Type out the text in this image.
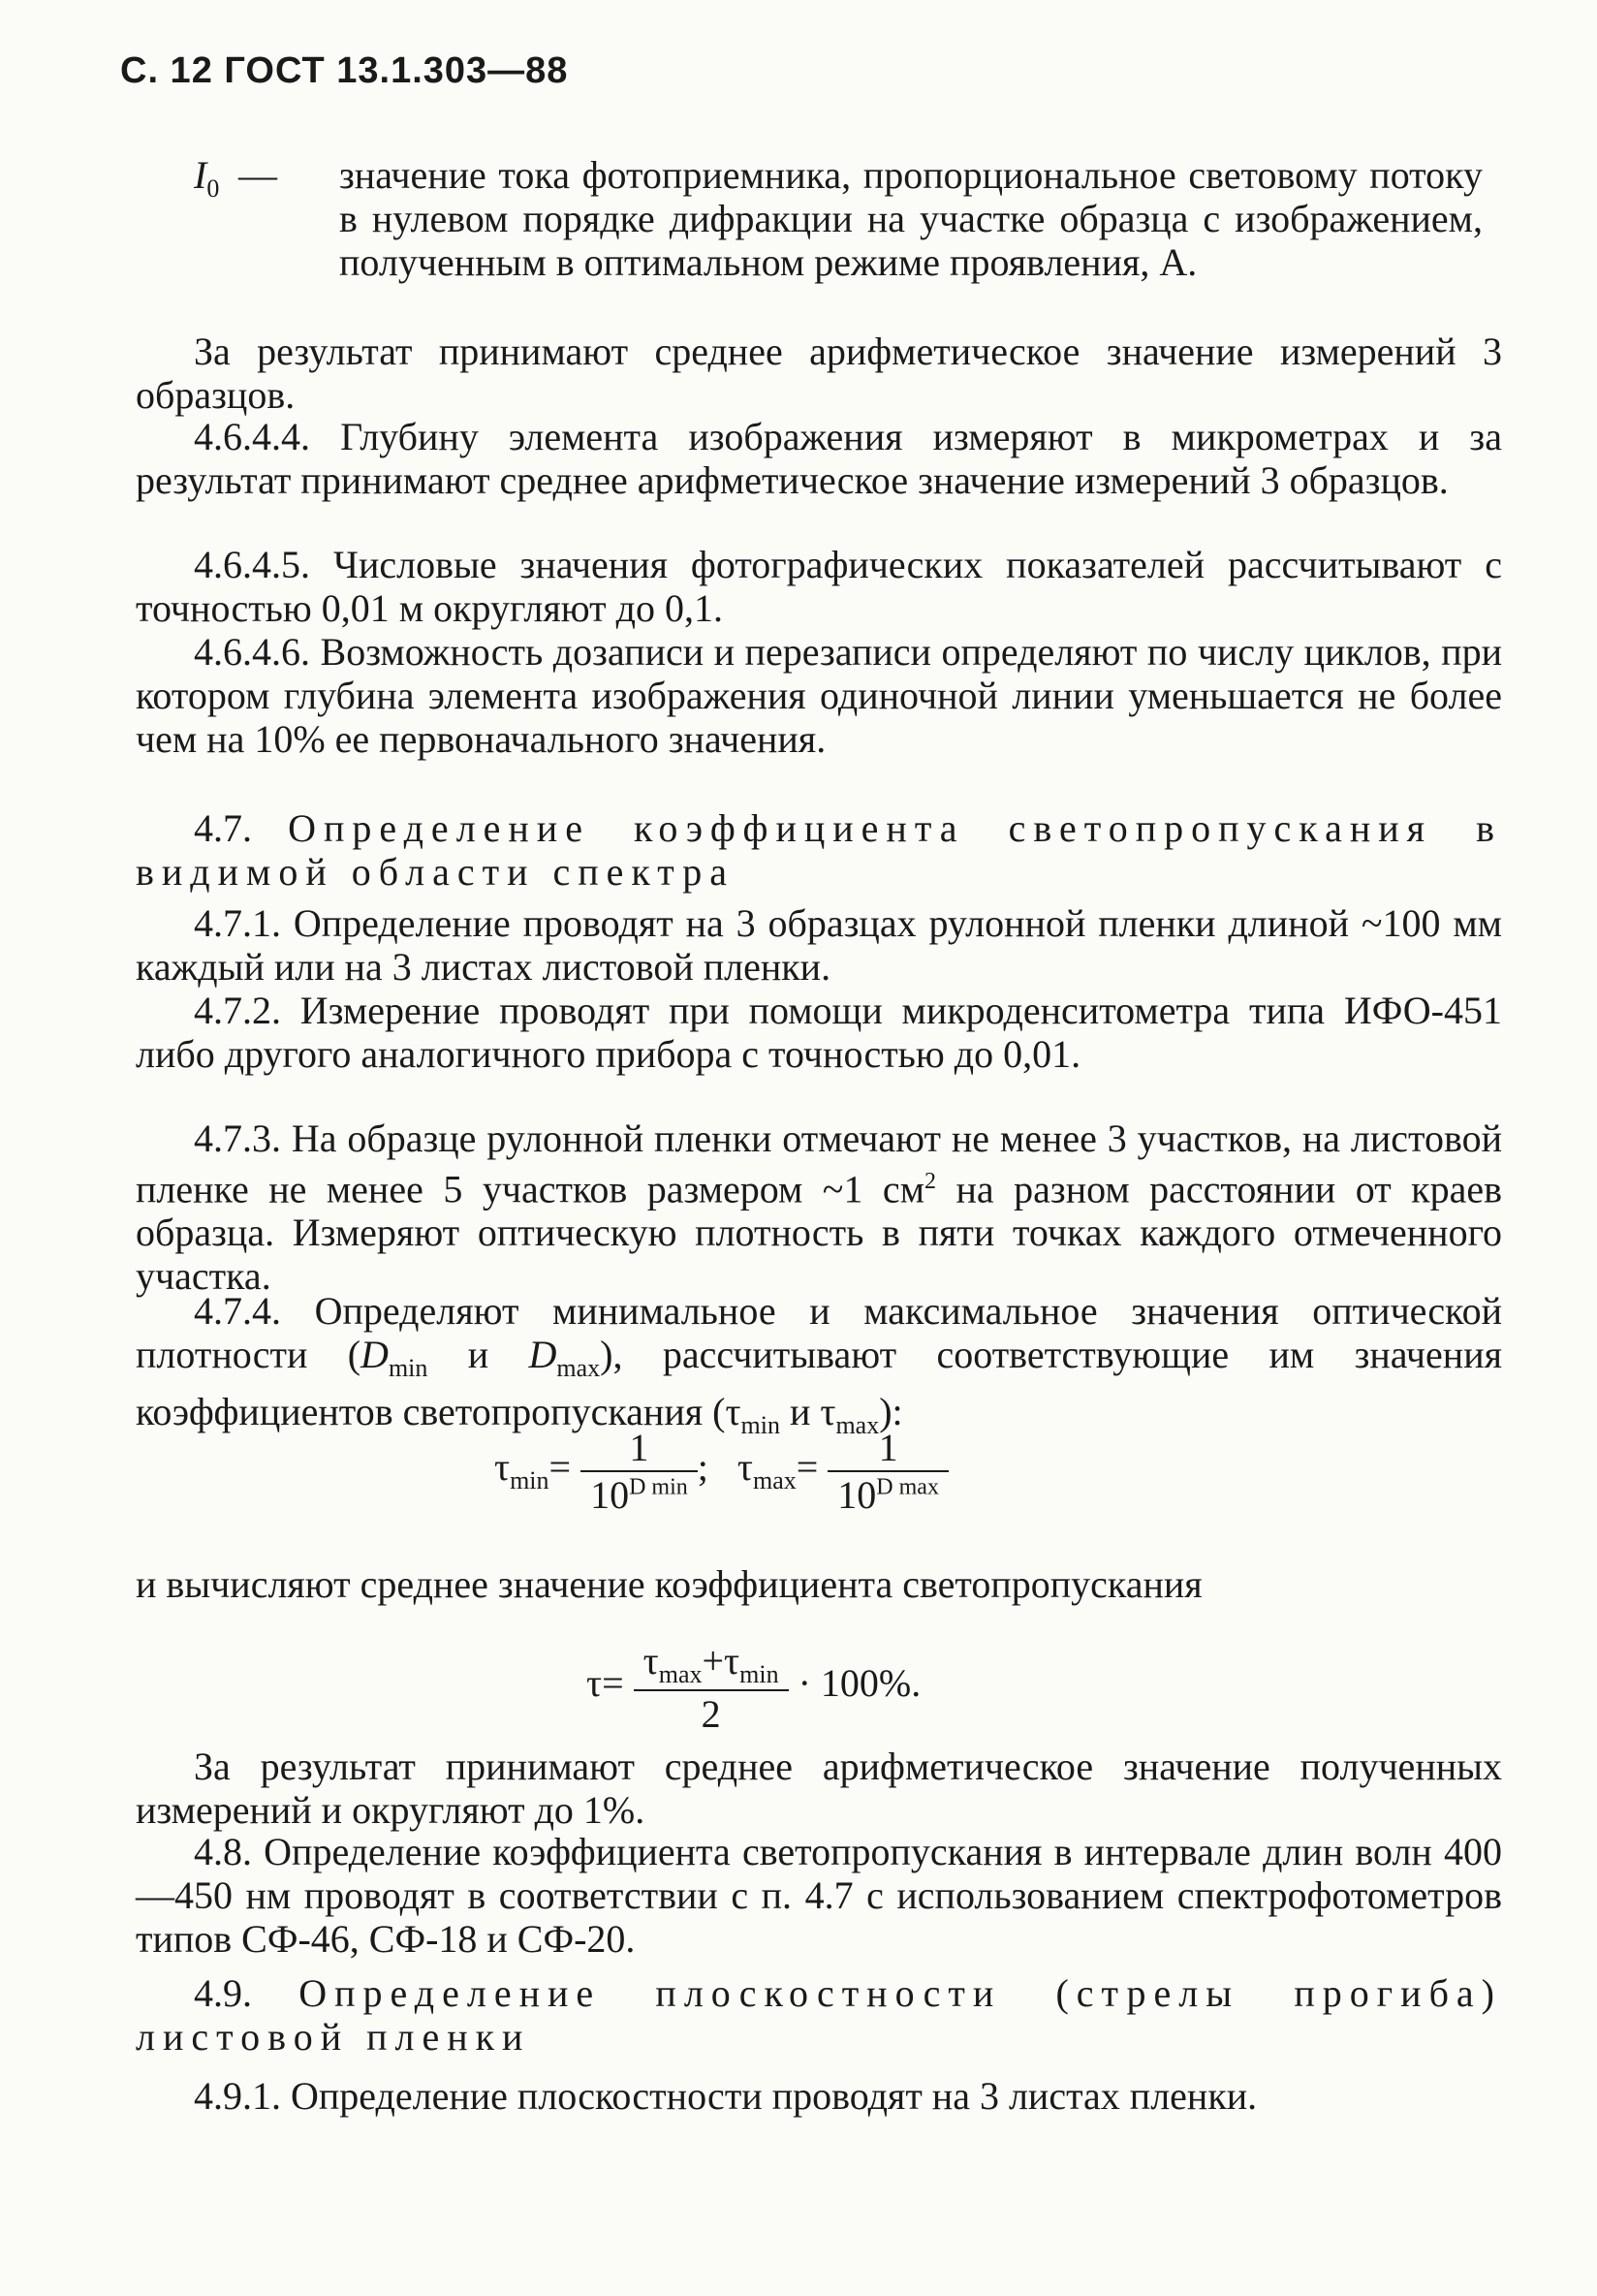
С. 12 ГОСТ 13.1.303—88
$I_0$ — значение тока фотоприемника, пропорциональное световому потоку в нулевом порядке дифракции на участке образца с изображением, полученным в оптимальном режиме проявления, А.

За результат принимают среднее арифметическое значение измерений 3 образцов.

4.6.4.4. Глубину элемента изображения измеряют в микрометрах и за результат принимают среднее арифметическое значение измерений 3 образцов.

4.6.4.5. Числовые значения фотографических показателей рассчитывают с точностью 0,01 м округляют до 0,1.

4.6.4.6. Возможность дозаписи и перезаписи определяют по числу циклов, при котором глубина элемента изображения одиночной линии уменьшается не более чем на 10% ее первоначального значения.

4.7. Определение коэффициента светопропускания в видимой области спектра

4.7.1. Определение проводят на 3 образцах рулонной пленки длиной ~100 мм каждый или на 3 листах листовой пленки.

4.7.2. Измерение проводят при помощи микроденситометра типа ИФО-451 либо другого аналогичного прибора с точностью до 0,01.

4.7.3. На образце рулонной пленки отмечают не менее 3 участков, на листовой пленке не менее 5 участков размером ~1 $см^2$ на разном расстоянии от краев образца. Измеряют оптическую плотность в пяти точках каждого отмеченного участка.

4.7.4. Определяют минимальное и максимальное значения оптической плотности ($D_{min}$ и $D_{max}$), рассчитывают соответствующие им значения коэффициентов светопропускания ($\tau_{min}$ и $\tau_{max}$):

$\tau_{min}= \frac{1}{10^{D min}}$ ; $\tau_{max}= \frac{1}{10^{D max}}$

и вычисляют среднее значение коэффициента светопропускания

$\tau= \frac{\tau_{max}+\tau_{min}}{2} \cdot 100\%$.

За результат принимают среднее арифметическое значение полученных измерений и округляют до 1%.

4.8. Определение коэффициента светопропускания в интервале длин волн 400—450 нм проводят в соответствии с п. 4.7 с использованием спектрофотометров типов СФ-46, СФ-18 и СФ-20.

4.9. Определение плоскостности (стрелы прогиба) листовой пленки

4.9.1. Определение плоскостности проводят на 3 листах пленки.
